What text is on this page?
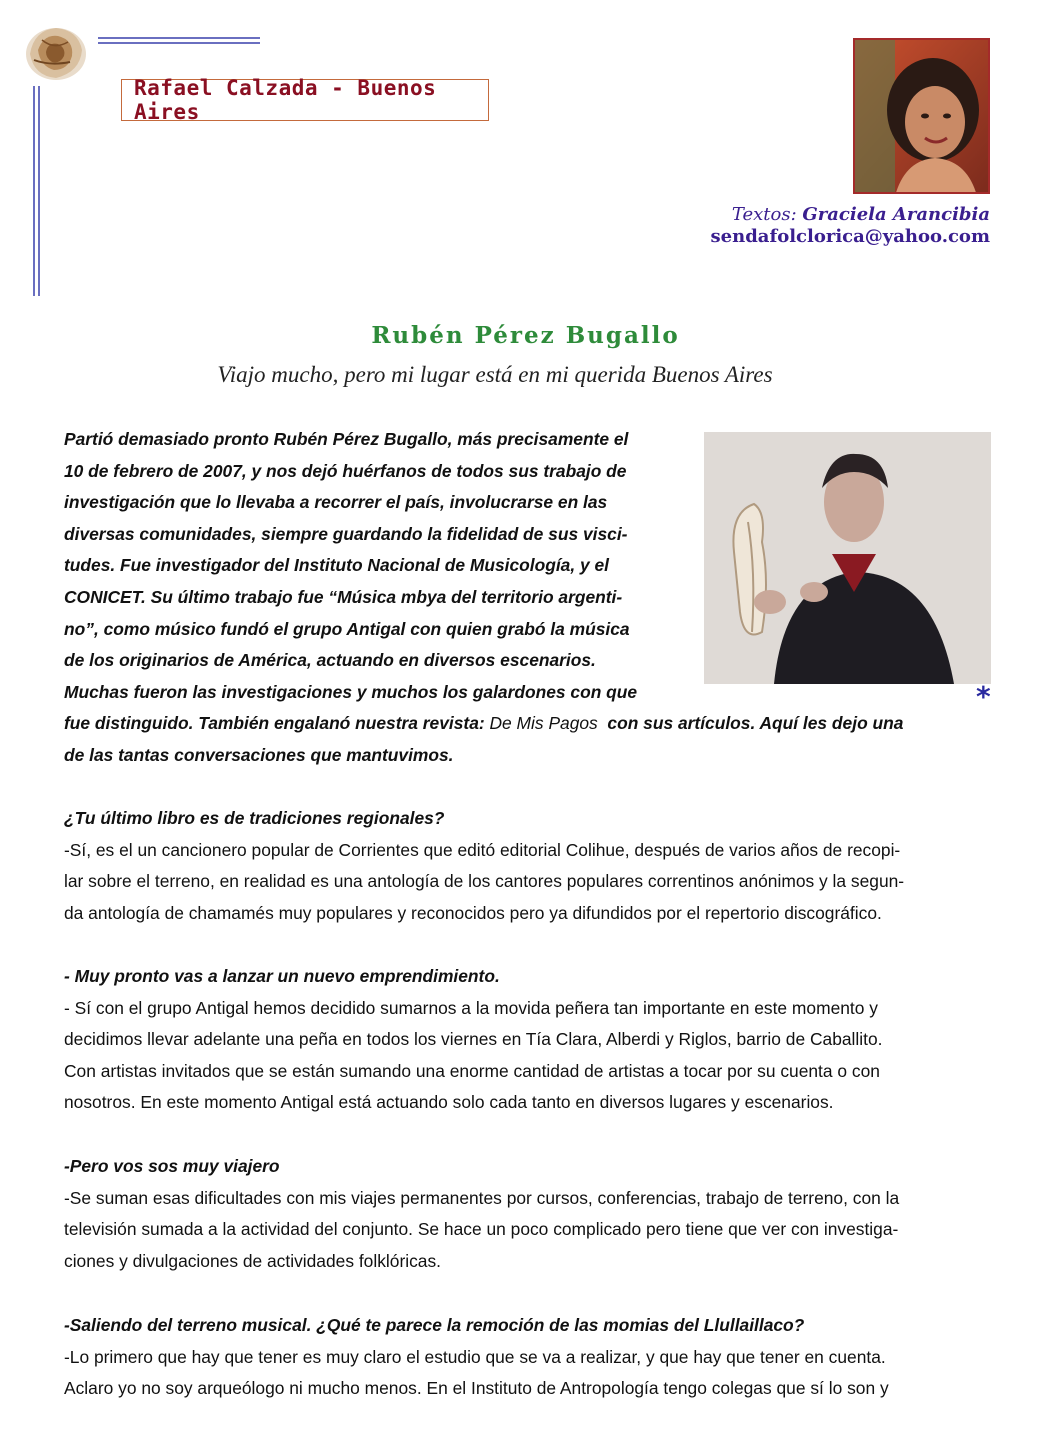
Rafael Calzada - Buenos Aires
Textos: Graciela Arancibia
sendafolclorica@yahoo.com
Rubén Pérez Bugallo
Viajo mucho, pero mi lugar está en mi querida Buenos Aires
*
Partió demasiado pronto Rubén Pérez Bugallo, más precisamente el
10 de febrero de 2007, y nos dejó huérfanos de todos sus trabajo de
investigación que lo llevaba a recorrer el país, involucrarse en las
diversas comunidades, siempre guardando la fidelidad de sus visci-
tudes. Fue investigador del Instituto Nacional de Musicología, y el
CONICET. Su último trabajo fue “Música mbya del territorio argenti-
no”, como músico fundó el grupo Antigal con quien grabó la música
de los originarios de América, actuando en diversos escenarios.
Muchas fueron las investigaciones y muchos los galardones con que
fue distinguido. También engalanó nuestra revista: De Mis Pagos  con sus artículos. Aquí les dejo una
de las tantas conversaciones que mantuvimos.
¿Tu último libro es de tradiciones regionales?
-Sí, es el un cancionero popular de Corrientes que editó editorial Colihue, después de varios años de recopi-
lar sobre el terreno, en realidad es una antología de los cantores populares correntinos anónimos y la segun-
da antología de chamamés muy populares y reconocidos pero ya difundidos por el repertorio discográfico.
- Muy pronto vas a lanzar un nuevo emprendimiento.
- Sí con el grupo Antigal hemos decidido sumarnos a la movida peñera tan importante en este momento y
decidimos llevar adelante una peña en todos los viernes en Tía Clara, Alberdi y Riglos, barrio de Caballito.
Con artistas invitados que se están sumando una enorme cantidad de artistas a tocar por su cuenta o con
nosotros. En este momento Antigal está actuando solo cada tanto en diversos lugares y escenarios.
-Pero vos sos muy viajero
-Se suman esas dificultades con mis viajes permanentes por cursos, conferencias, trabajo de terreno, con la
televisión sumada a la actividad del conjunto. Se hace un poco complicado pero tiene que ver con investiga-
ciones y divulgaciones de actividades folklóricas.
-Saliendo del terreno musical. ¿Qué te parece la remoción de las momias del Llullaillaco?
-Lo primero que hay que tener es muy claro el estudio que se va a realizar, y que hay que tener en cuenta.
Aclaro yo no soy arqueólogo ni mucho menos. En el Instituto de Antropología tengo colegas que sí lo son y
